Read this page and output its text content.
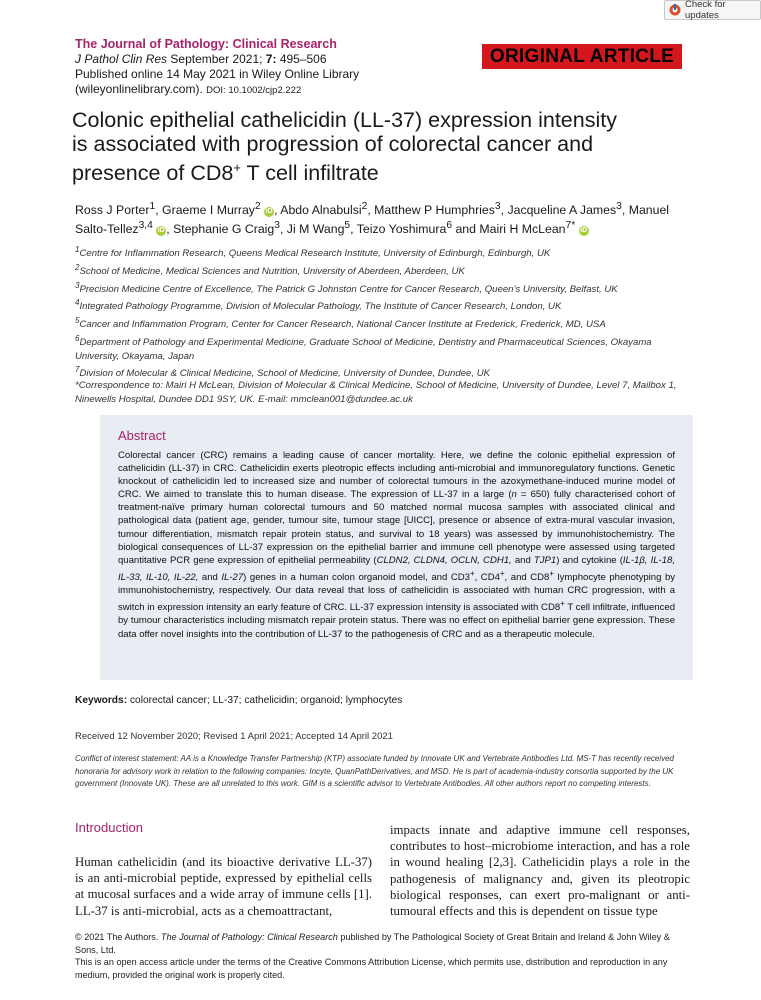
Check for updates
The Journal of Pathology: Clinical Research
J Pathol Clin Res September 2021; 7: 495–506
Published online 14 May 2021 in Wiley Online Library
(wileyonlinelibrary.com). DOI: 10.1002/cjp2.222
ORIGINAL ARTICLE
Colonic epithelial cathelicidin (LL-37) expression intensity
is associated with progression of colorectal cancer and
presence of CD8+ T cell infiltrate
Ross J Porter$^1$, Graeme I Murray$^2$ iD , Abdo Alnabulsi$^2$, Matthew P Humphries$^3$, Jacqueline A James$^3$, Manuel Salto-Tellez$^{3,4}$ iD , Stephanie G Craig$^3$, Ji M Wang$^5$, Teizo Yoshimura$^6$ and Mairi H McLean$^{7*}$ iD
$^1$Centre for Inflammation Research, Queens Medical Research Institute, University of Edinburgh, Edinburgh, UK
$^2$School of Medicine, Medical Sciences and Nutrition, University of Aberdeen, Aberdeen, UK
$^3$Precision Medicine Centre of Excellence, The Patrick G Johnston Centre for Cancer Research, Queen’s University, Belfast, UK
$^4$Integrated Pathology Programme, Division of Molecular Pathology, The Institute of Cancer Research, London, UK
$^5$Cancer and Inflammation Program, Center for Cancer Research, National Cancer Institute at Frederick, Frederick, MD, USA
$^6$Department of Pathology and Experimental Medicine, Graduate School of Medicine, Dentistry and Pharmaceutical Sciences, Okayama University, Okayama, Japan
$^7$Division of Molecular & Clinical Medicine, School of Medicine, University of Dundee, Dundee, UK
*Correspondence to: Mairi H McLean, Division of Molecular & Clinical Medicine, School of Medicine, University of Dundee, Level 7, Mailbox 1, Ninewells Hospital, Dundee DD1 9SY, UK. E-mail: mmclean001@dundee.ac.uk
Abstract
Colorectal cancer (CRC) remains a leading cause of cancer mortality. Here, we define the colonic epithelial expression of cathelicidin (LL-37) in CRC. Cathelicidin exerts pleotropic effects including anti-microbial and immunoregulatory functions. Genetic knockout of cathelicidin led to increased size and number of colorectal tumours in the azoxymethane-induced murine model of CRC. We aimed to translate this to human disease. The expression of LL-37 in a large (n = 650) fully characterised cohort of treatment-naïve primary human colorectal tumours and 50 matched normal mucosa samples with associated clinical and pathological data (patient age, gender, tumour site, tumour stage [UICC], presence or absence of extra-mural vascular invasion, tumour differentiation, mismatch repair protein status, and survival to 18 years) was assessed by immunohistochemistry. The biological consequences of LL-37 expression on the epithelial barrier and immune cell phenotype were assessed using targeted quantitative PCR gene expression of epithelial permeability (CLDN2, CLDN4, OCLN, CDH1, and TJP1) and cytokine (IL-1β, IL-18, IL-33, IL-10, IL-22, and IL-27) genes in a human colon organoid model, and CD3+, CD4+, and CD8+ lymphocyte phenotyping by immunohistochemistry, respectively. Our data reveal that loss of cathelicidin is associated with human CRC progression, with a switch in expression intensity an early feature of CRC. LL-37 expression intensity is associated with CD8+ T cell infiltrate, influenced by tumour characteristics including mismatch repair protein status. There was no effect on epithelial barrier gene expression. These data offer novel insights into the contribution of LL-37 to the pathogenesis of CRC and as a therapeutic molecule.
Keywords: colorectal cancer; LL-37; cathelicidin; organoid; lymphocytes
Received 12 November 2020; Revised 1 April 2021; Accepted 14 April 2021
Conflict of interest statement: AA is a Knowledge Transfer Partnership (KTP) associate funded by Innovate UK and Vertebrate Antibodies Ltd. MS-T has recently received honoraria for advisory work in relation to the following companies: Incyte, QuanPathDerivatives, and MSD. He is part of academia-industry consortia supported by the UK government (Innovate UK). These are all unrelated to this work. GIM is a scientific advisor to Vertebrate Antibodies. All other authors report no competing interests.
Introduction
Human cathelicidin (and its bioactive derivative LL-37) is an anti-microbial peptide, expressed by epithelial cells at mucosal surfaces and a wide array of immune cells [1]. LL-37 is anti-microbial, acts as a chemoattractant,
impacts innate and adaptive immune cell responses, contributes to host–microbiome interaction, and has a role in wound healing [2,3]. Cathelicidin plays a role in the pathogenesis of malignancy and, given its pleotropic biological responses, can exert pro-malignant or anti-tumoural effects and this is dependent on tissue type
© 2021 The Authors. The Journal of Pathology: Clinical Research published by The Pathological Society of Great Britain and Ireland & John Wiley & Sons, Ltd.
This is an open access article under the terms of the Creative Commons Attribution License, which permits use, distribution and reproduction in any medium, provided the original work is properly cited.
